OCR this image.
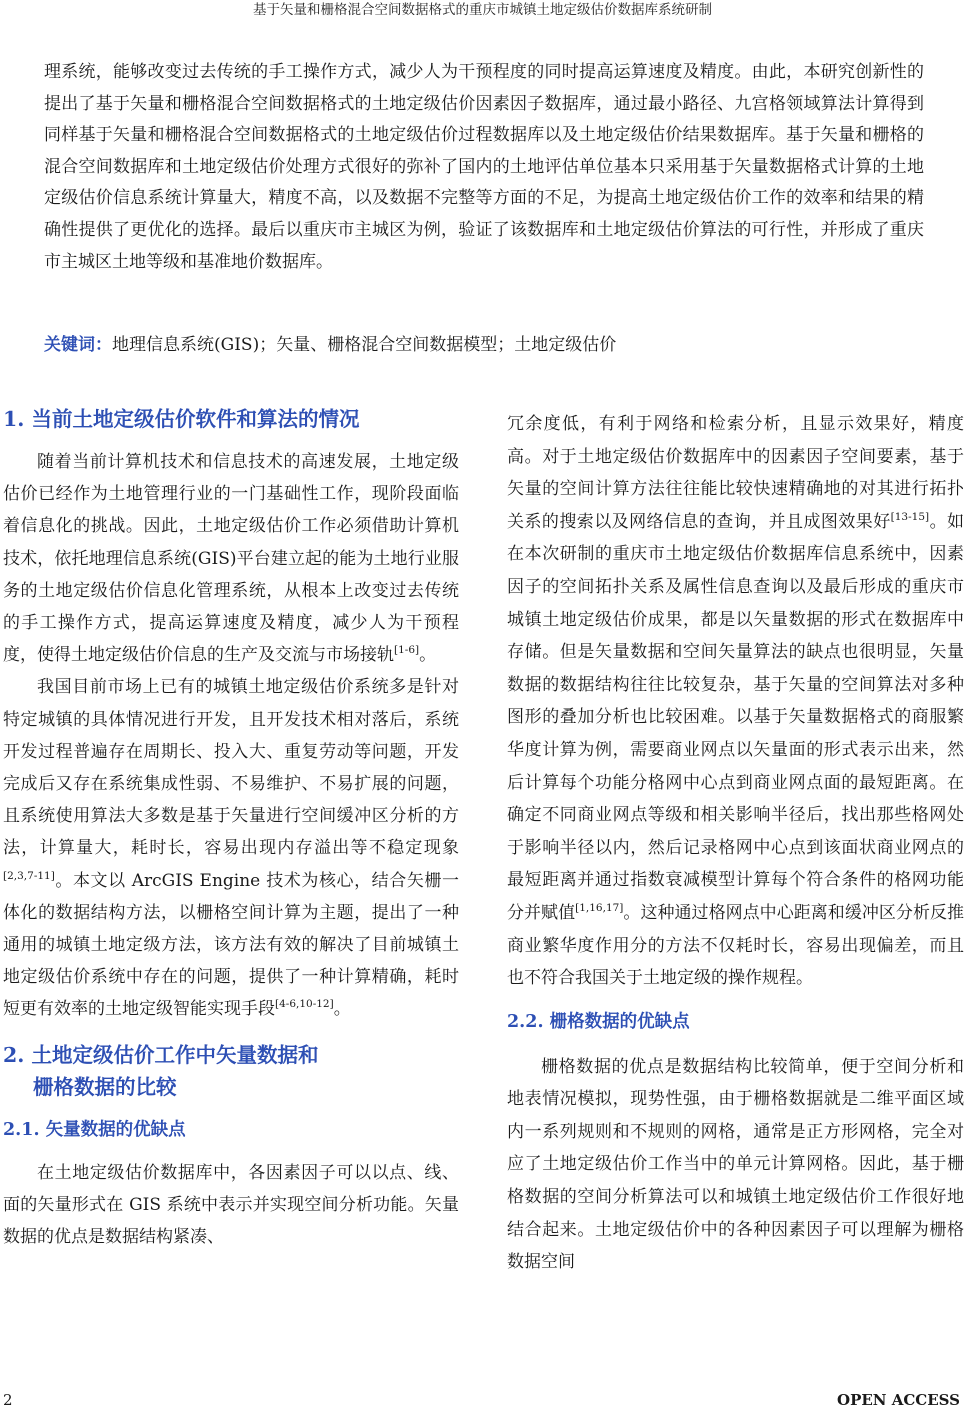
基于矢量和栅格混合空间数据格式的重庆市城镇土地定级估价数据库系统研制

理系统，能够改变过去传统的手工操作方式，减少人为干预程度的同时提高运算速度及精度。由此，本研究创新性的提出了基于矢量和栅格混合空间数据格式的土地定级估价因素因子数据库，通过最小路径、九宫格领域算法计算得到同样基于矢量和栅格混合空间数据格式的土地定级估价过程数据库以及土地定级估价结果数据库。基于矢量和栅格的混合空间数据库和土地定级估价处理方式很好的弥补了国内的土地评估单位基本只采用基于矢量数据格式计算的土地定级估价信息系统计算量大，精度不高，以及数据不完整等方面的不足，为提高土地定级估价工作的效率和结果的精确性提供了更优化的选择。最后以重庆市主城区为例，验证了该数据库和土地定级估价算法的可行性，并形成了重庆市主城区土地等级和基准地价数据库。

关键词：地理信息系统(GIS)；矢量、栅格混合空间数据模型；土地定级估价

1. 当前土地定级估价软件和算法的情况

随着当前计算机技术和信息技术的高速发展，土地定级估价已经作为土地管理行业的一门基础性工作，现阶段面临着信息化的挑战。因此，土地定级估价工作必须借助计算机技术，依托地理信息系统(GIS)平台建立起的能为土地行业服务的土地定级估价信息化管理系统，从根本上改变过去传统的手工操作方式，提高运算速度及精度，减少人为干预程度，使得土地定级估价信息的生产及交流与市场接轨[1-6]。

我国目前市场上已有的城镇土地定级估价系统多是针对特定城镇的具体情况进行开发，且开发技术相对落后，系统开发过程普遍存在周期长、投入大、重复劳动等问题，开发完成后又存在系统集成性弱、不易维护、不易扩展的问题，且系统使用算法大多数是基于矢量进行空间缓冲区分析的方法，计算量大，耗时长，容易出现内存溢出等不稳定现象[2,3,7-11]。本文以 ArcGIS Engine 技术为核心，结合矢栅一体化的数据结构方法，以栅格空间计算为主题，提出了一种通用的城镇土地定级方法，该方法有效的解决了目前城镇土地定级估价系统中存在的问题，提供了一种计算精确，耗时短更有效率的土地定级智能实现手段[4-6,10-12]。

2. 土地定级估价工作中矢量数据和

栅格数据的比较
2.1. 矢量数据的优缺点

在土地定级估价数据库中，各因素因子可以以点、线、面的矢量形式在 GIS 系统中表示并实现空间分析功能。矢量数据的优点是数据结构紧凑、

冗余度低，有利于网络和检索分析，且显示效果好，精度高。对于土地定级估价数据库中的因素因子空间要素，基于矢量的空间计算方法往往能比较快速精确地的对其进行拓扑关系的搜索以及网络信息的查询，并且成图效果好[13-15]。如在本次研制的重庆市土地定级估价数据库信息系统中，因素因子的空间拓扑关系及属性信息查询以及最后形成的重庆市城镇土地定级估价成果，都是以矢量数据的形式在数据库中存储。但是矢量数据和空间矢量算法的缺点也很明显，矢量数据的数据结构往往比较复杂，基于矢量的空间算法对多种图形的叠加分析也比较困难。以基于矢量数据格式的商服繁华度计算为例，需要商业网点以矢量面的形式表示出来，然后计算每个功能分格网中心点到商业网点面的最短距离。在确定不同商业网点等级和相关影响半径后，找出那些格网处于影响半径以内，然后记录格网中心点到该面状商业网点的最短距离并通过指数衰减模型计算每个符合条件的格网功能分并赋值[1,16,17]。这种通过格网点中心距离和缓冲区分析反推商业繁华度作用分的方法不仅耗时长，容易出现偏差，而且也不符合我国关于土地定级的操作规程。

2.2. 栅格数据的优缺点

栅格数据的优点是数据结构比较简单，便于空间分析和地表情况模拟，现势性强，由于栅格数据就是二维平面区域内一系列规则和不规则的网格，通常是正方形网格，完全对应了土地定级估价工作当中的单元计算网格。因此，基于栅格数据的空间分析算法可以和城镇土地定级估价工作很好地结合起来。土地定级估价中的各种因素因子可以理解为栅格数据空间

2	OPEN ACCESS
